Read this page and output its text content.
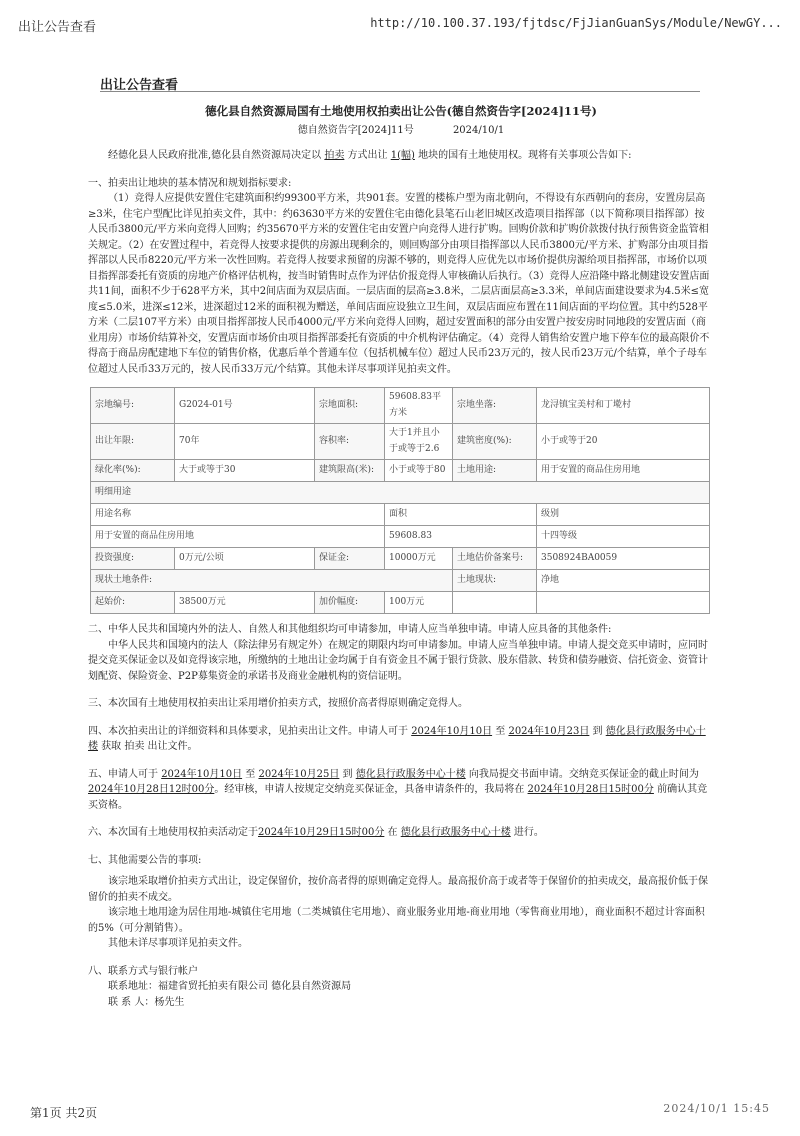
出让公告查看	http://10.100.37.193/fjtdsc/FjJianGuanSys/Module/NewGY...
出让公告查看

德化县自然资源局国有土地使用权拍卖出让公告(德自然资告字[2024]11号)

德自然资告字[2024]11号	2024/10/1

经德化县人民政府批准,德化县自然资源局决定以 拍卖 方式出让 1(幅) 地块的国有土地使用权。现将有关事项公告如下:

一、拍卖出让地块的基本情况和规划指标要求:

（1）竞得人应提供安置住宅建筑面积约99300平方米，共901套。安置的楼栋户型为南北朝向，不得设有东西朝向的套房，安置房层高≥3米，住宅户型配比详见拍卖文件，其中：约63630平方米的安置住宅由德化县笔石山老旧城区改造项目指挥部（以下简称项目指挥部）按人民币3800元/平方米向竞得人回购；约35670平方米的安置住宅由安置户向竞得人进行扩购。回购价款和扩购价款拨付执行预售资金监管相关规定。（2）在安置过程中，若竞得人按要求提供的房源出现剩余的，则回购部分由项目指挥部以人民币3800元/平方米、扩购部分由项目指挥部以人民币8220元/平方米一次性回购。若竞得人按要求预留的房源不够的，则竞得人应优先以市场价提供房源给项目指挥部，市场价以项目指挥部委托有资质的房地产价格评估机构，按当时销售时点作为评估价报竞得人审核确认后执行。（3）竞得人应沿隆中路北侧建设安置店面共11间，面积不少于628平方米，其中2间店面为双层店面。一层店面的层高≥3.8米，二层店面层高≥3.3米，单间店面建设要求为4.5米≤宽度≤5.0米，进深≤12米，进深超过12米的面积视为赠送，单间店面应设独立卫生间，双层店面应布置在11间店面的平均位置。其中约528平方米（二层107平方米）由项目指挥部按人民币4000元/平方米向竞得人回购，超过安置面积的部分由安置户按安房时同地段的安置店面（商业用房）市场价结算补交，安置店面市场价由项目指挥部委托有资质的中介机构评估确定。（4）竞得人销售给安置户地下停车位的最高限价不得高于商品房配建地下车位的销售价格，优惠后单个普通车位（包括机械车位）超过人民币23万元的，按人民币23万元/个结算，单个子母车位超过人民币33万元的，按人民币33万元/个结算。其他未详尽事项详见拍卖文件。

宗地编号:	G2024-01号	宗地面积:	59608.83平方米	宗地坐落:	龙浔镇宝美村和丁墘村
出让年限:	70年	容积率:	大于1并且小于或等于2.6	建筑密度(%):	小于或等于20
绿化率(%):	大于或等于30	建筑限高(米):	小于或等于80	土地用途:	用于安置的商品住房用地
明细用途					
用途名称			面积		级别
用于安置的商品住房用地			59608.83		十四等级
投资强度:	0万元/公顷	保证金:	10000万元	土地估价备案号:	3508924BA0059
现状土地条件:				土地现状:	净地
起始价:	38500万元	加价幅度:	100万元		

二、中华人民共和国境内外的法人、自然人和其他组织均可申请参加，申请人应当单独申请。申请人应具备的其他条件:

中华人民共和国境内的法人（除法律另有规定外）在规定的期限内均可申请参加。申请人应当单独申请。申请人提交竞买申请时，应同时提交竞买保证金以及如竞得该宗地，所缴纳的土地出让金均属于自有资金且不属于银行贷款、股东借款、转贷和债券融资、信托资金、资管计划配资、保险资金、P2P募集资金的承诺书及商业金融机构的资信证明。

三、本次国有土地使用权拍卖出让采用增价拍卖方式，按照价高者得原则确定竞得人。

四、本次拍卖出让的详细资料和具体要求，见拍卖出让文件。申请人可于 2024年10月10日 至 2024年10月23日 到 德化县行政服务中心十楼 获取 拍卖 出让文件。

五、申请人可于 2024年10月10日 至 2024年10月25日 到 德化县行政服务中心十楼 向我局提交书面申请。交纳竞买保证金的截止时间为2024年10月28日12时00分。经审核，申请人按规定交纳竞买保证金，具备申请条件的，我局将在 2024年10月28日15时00分 前确认其竞买资格。

六、本次国有土地使用权拍卖活动定于2024年10月29日15时00分 在 德化县行政服务中心十楼 进行。

七、其他需要公告的事项:

该宗地采取增价拍卖方式出让，设定保留价，按价高者得的原则确定竞得人。最高报价高于或者等于保留价的拍卖成交，最高报价低于保留价的拍卖不成交。

该宗地土地用途为居住用地-城镇住宅用地（二类城镇住宅用地）、商业服务业用地-商业用地（零售商业用地），商业面积不超过计容面积的5%（可分割销售）。

其他未详尽事项详见拍卖文件。

八、联系方式与银行帐户

联系地址：福建省贸托拍卖有限公司 德化县自然资源局

联 系 人：杨先生

第1页 共2页	2024/10/1 15:45
